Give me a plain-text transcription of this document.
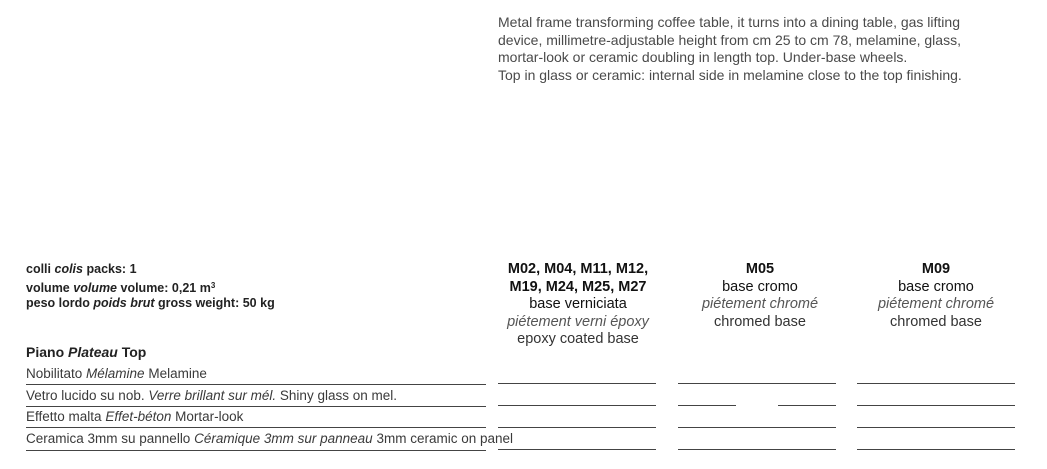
Metal frame transforming coffee table, it turns into a dining table, gas lifting
device, millimetre-adjustable height from cm 25 to cm 78, melamine, glass,
mortar-look or ceramic doubling in length top. Under-base wheels.
Top in glass or ceramic: internal side in melamine close to the top finishing.
colli colis packs: 1
volume volume volume: 0,21 $m^3$
peso lordo poids brut gross weight: 50 kg
M02, M04, M11, M12,
M19, M24, M25, M27
base verniciata
piétement verni époxy
epoxy coated base
M05
base cromo
piétement chromé
chromed base
M09
base cromo
piétement chromé
chromed base
Piano Plateau Top
Nobilitato Mélamine Melamine
Vetro lucido su nob. Verre brillant sur mél. Shiny glass on mel.
Effetto malta Effet-béton Mortar-look
Ceramica 3mm su pannello Céramique 3mm sur panneau 3mm ceramic on panel
